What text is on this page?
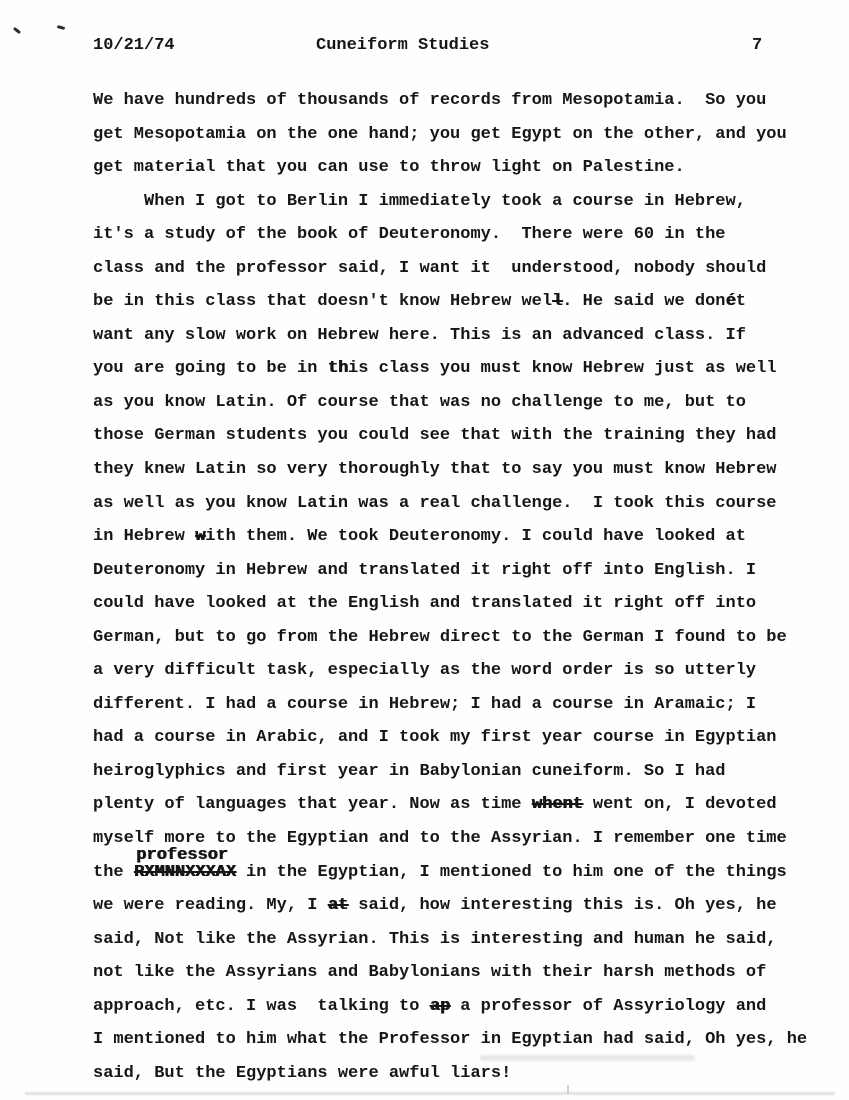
10/21/74	Cuneiform Studies	7
We have hundreds of thousands of records from Mesopotamia.  So you
get Mesopotamia on the one hand; you get Egypt on the other, and you
get material that you can use to throw light on Palestine.
When I got to Berlin I immediately took a course in Hebrew,
it's a study of the book of Deuteronomy.  There were 60 in the
class and the professor said, I want it  understood, nobody should
be in this class that doesn't know Hebrew well. He said we donét
want any slow work on Hebrew here. This is an advanced class. If
you are going to be in this class you must know Hebrew just as well
as you know Latin. Of course that was no challenge to me, but to
those German students you could see that with the training they had
they knew Latin so very thoroughly that to say you must know Hebrew
as well as you know Latin was a real challenge.  I took this course
in Hebrew with them. We took Deuteronomy. I could have looked at
Deuteronomy in Hebrew and translated it right off into English. I
could have looked at the English and translated it right off into
German, but to go from the Hebrew direct to the German I found to be
a very difficult task, especially as the word order is so utterly
different. I had a course in Hebrew; I had a course in Aramaic; I
had a course in Arabic, and I took my first year course in Egyptian
heiroglyphics and first year in Babylonian cuneiform. So I had
plenty of languages that year. Now as time whent went on, I devoted
myself more to the Egyptian and to the Assyrian. I remember one time
professor
the RXMNNXXXAX in the Egyptian, I mentioned to him one of the things
we were reading. My, I at said, how interesting this is. Oh yes, he
said, Not like the Assyrian. This is interesting and human he said,
not like the Assyrians and Babylonians with their harsh methods of
approach, etc. I was  talking to ap a professor of Assyriology and
I mentioned to him what the Professor in Egyptian had said, Oh yes, he
said, But the Egyptians were awful liars!
